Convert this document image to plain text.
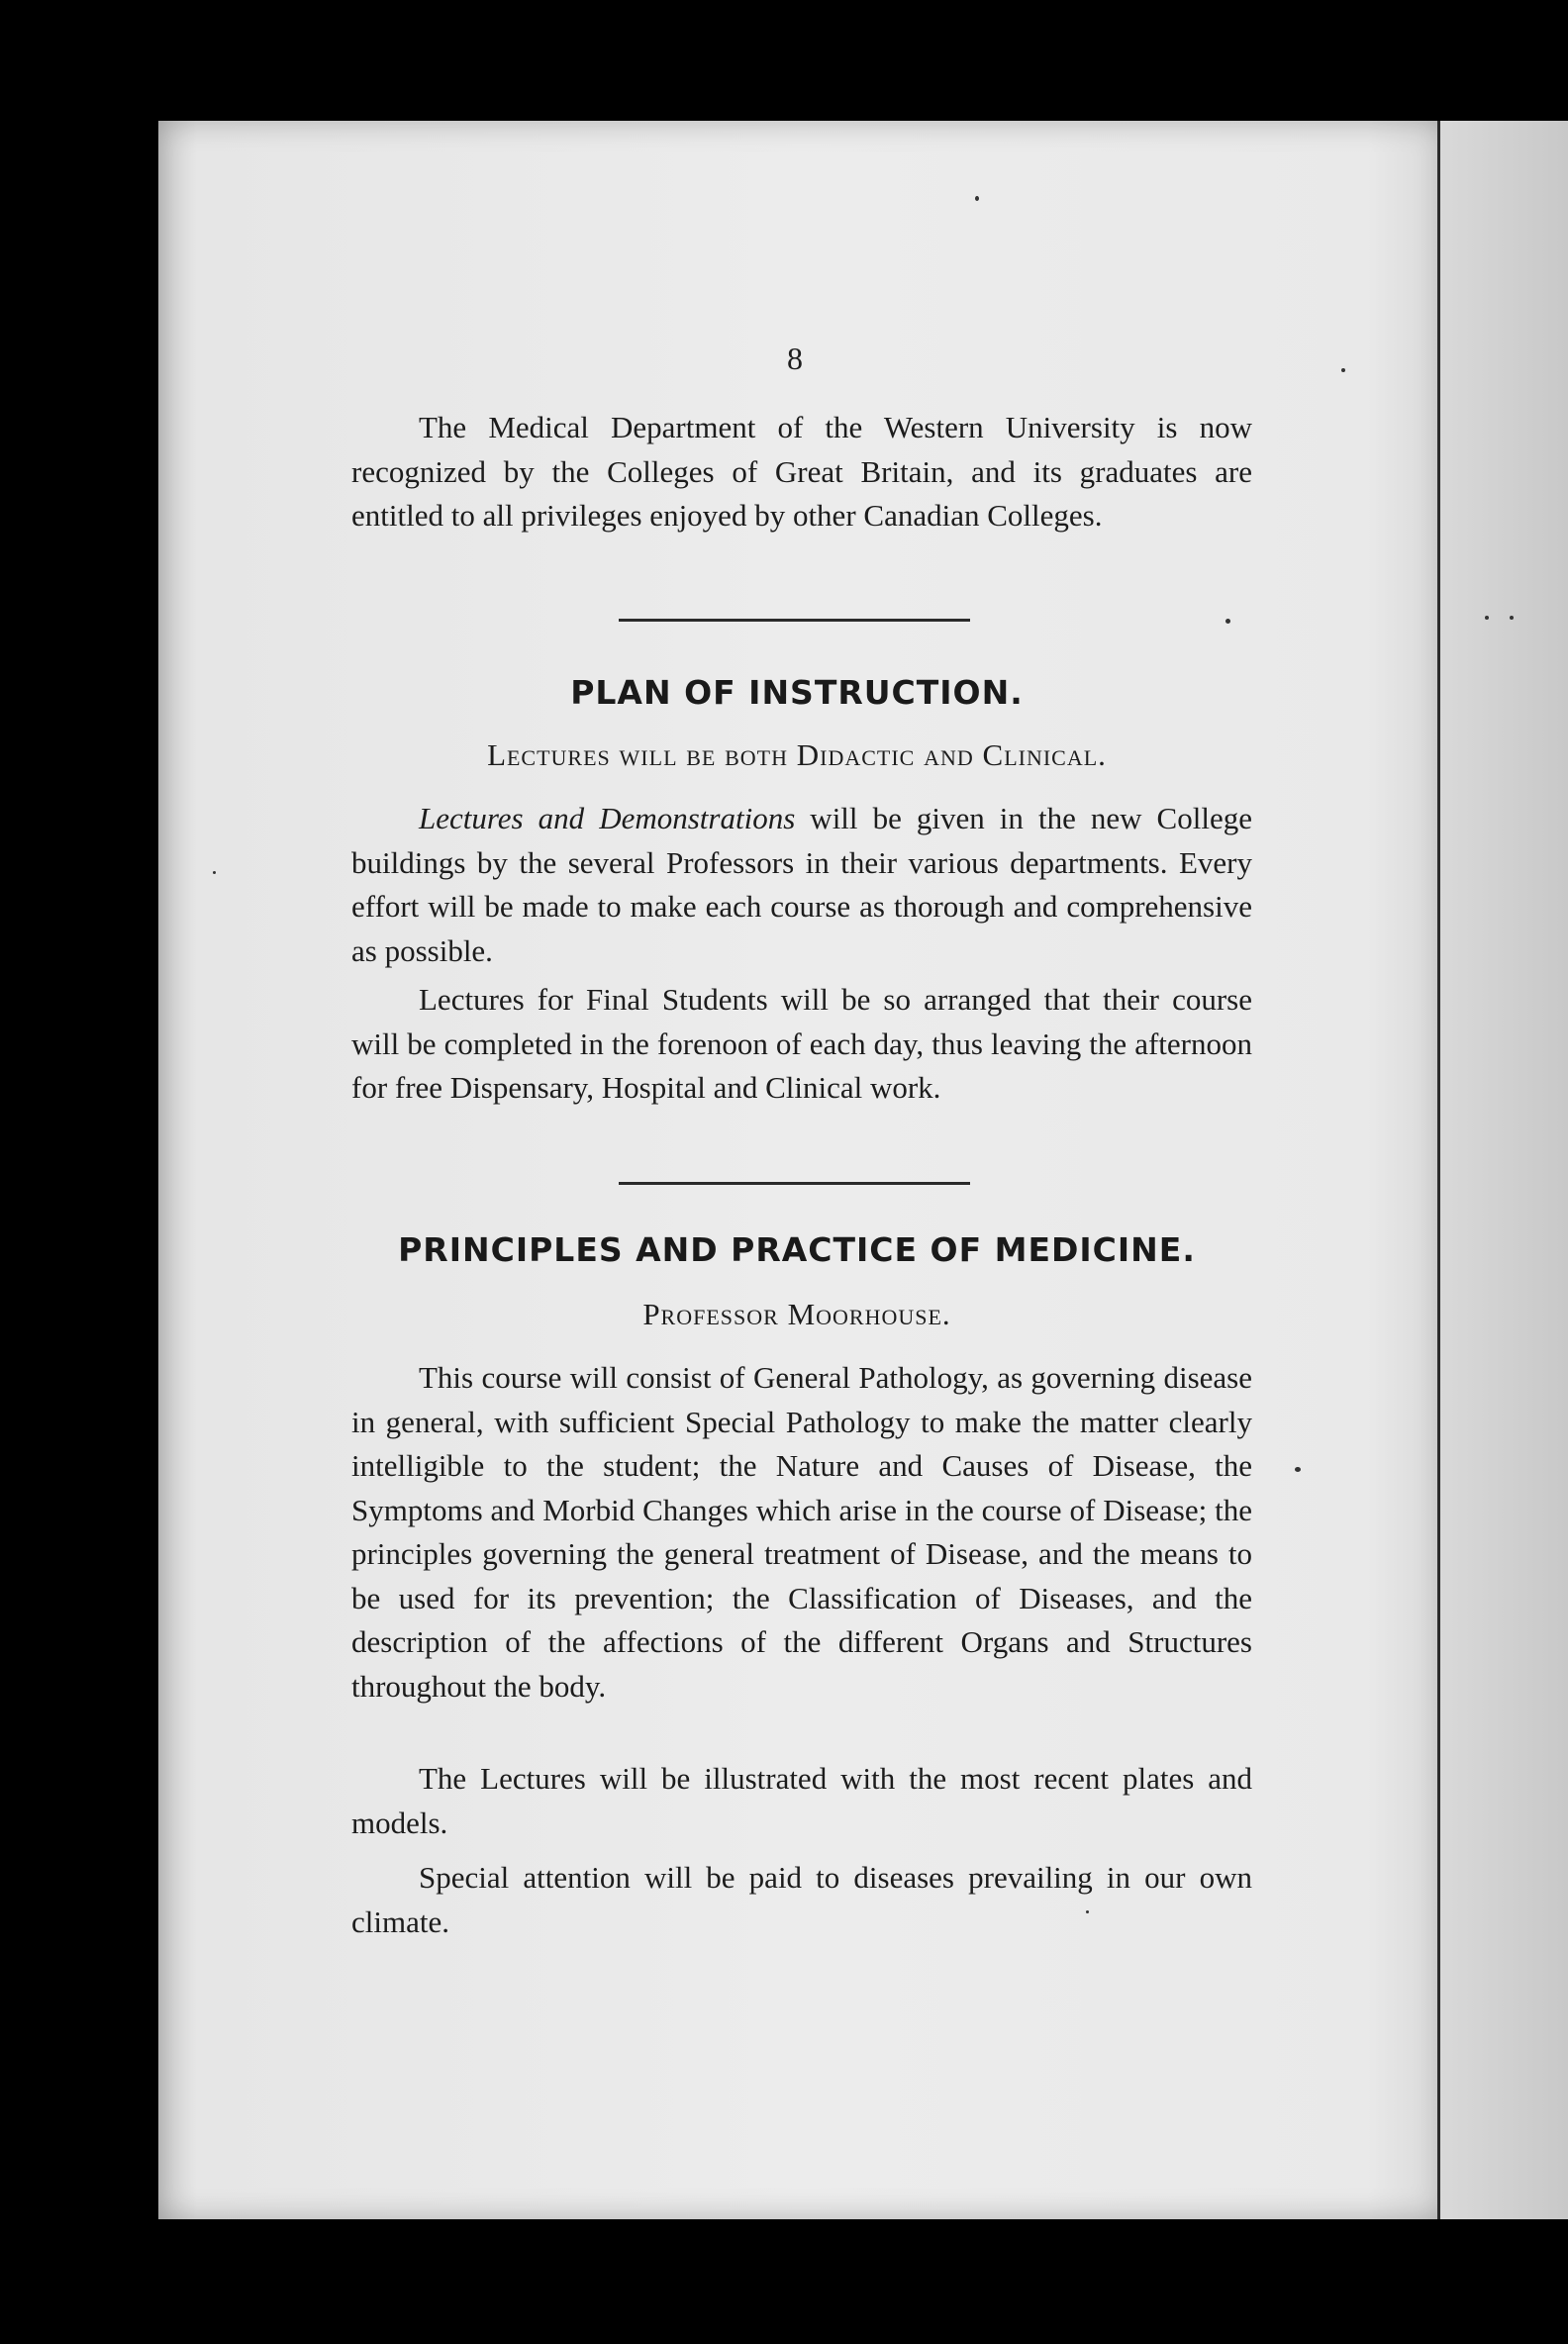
8

The Medical Department of the Western University is now recognized by the Colleges of Great Britain, and its graduates are entitled to all privileges enjoyed by other Canadian Colleges.

PLAN OF INSTRUCTION.

Lectures will be both Didactic and Clinical.

Lectures and Demonstrations will be given in the new College buildings by the several Professors in their various departments. Every effort will be made to make each course as thorough and comprehensive as possible.

Lectures for Final Students will be so arranged that their course will be completed in the forenoon of each day, thus leaving the afternoon for free Dispensary, Hospital and Clinical work.

PRINCIPLES AND PRACTICE OF MEDICINE.

Professor Moorhouse.

This course will consist of General Pathology, as governing disease in general, with sufficient Special Pathology to make the matter clearly intelligible to the student; the Nature and Causes of Disease, the Symptoms and Morbid Changes which arise in the course of Disease; the principles governing the general treatment of Disease, and the means to be used for its prevention; the Classification of Diseases, and the description of the affections of the different Organs and Structures throughout the body.

The Lectures will be illustrated with the most recent plates and models.

Special attention will be paid to diseases prevailing in our own climate.
